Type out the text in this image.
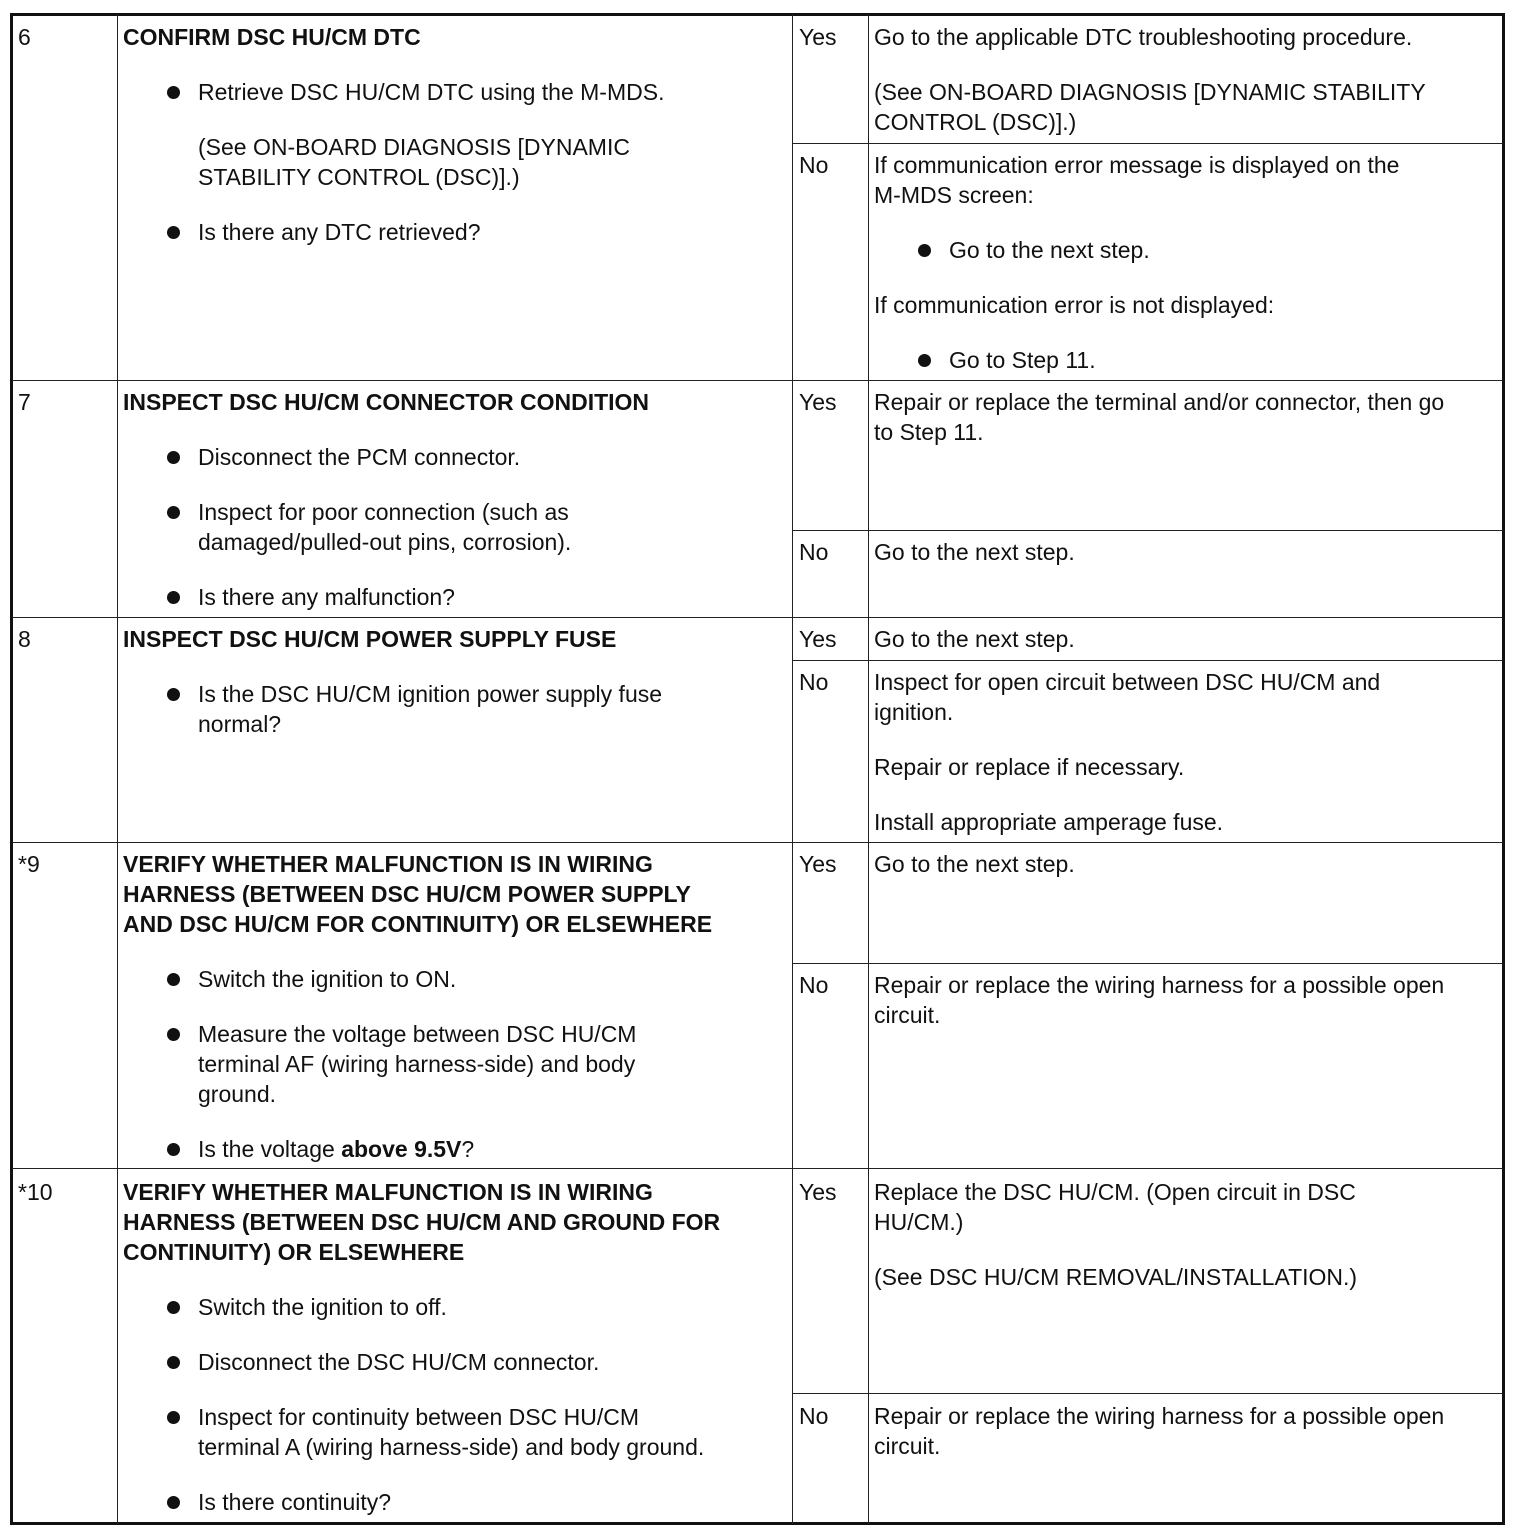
6	CONFIRM DSC HU/CM DTC
Retrieve DSC HU/CM DTC using the M-MDS.
(See ON-BOARD DIAGNOSIS [DYNAMIC
STABILITY CONTROL (DSC)].)
Is there any DTC retrieved?
Yes Go to the applicable DTC troubleshooting procedure.
(See ON-BOARD DIAGNOSIS [DYNAMIC STABILITY
CONTROL (DSC)].)
No If communication error message is displayed on the
M-MDS screen:
Go to the next step.
If communication error is not displayed:
Go to Step 11.
7	INSPECT DSC HU/CM CONNECTOR CONDITION
Disconnect the PCM connector.
Inspect for poor connection (such as
damaged/pulled-out pins, corrosion).
Is there any malfunction?
Yes Repair or replace the terminal and/or connector, then go
to Step 11.
No Go to the next step.
8	INSPECT DSC HU/CM POWER SUPPLY FUSE
Is the DSC HU/CM ignition power supply fuse
normal?
Yes Go to the next step.
No Inspect for open circuit between DSC HU/CM and
ignition.
Repair or replace if necessary.
Install appropriate amperage fuse.
*9	VERIFY WHETHER MALFUNCTION IS IN WIRING
HARNESS (BETWEEN DSC HU/CM POWER SUPPLY
AND DSC HU/CM FOR CONTINUITY) OR ELSEWHERE
Switch the ignition to ON.
Measure the voltage between DSC HU/CM
terminal AF (wiring harness-side) and body
ground.
Is the voltage above 9.5V?
Yes Go to the next step.
No Repair or replace the wiring harness for a possible open
circuit.
*10	VERIFY WHETHER MALFUNCTION IS IN WIRING
HARNESS (BETWEEN DSC HU/CM AND GROUND FOR
CONTINUITY) OR ELSEWHERE
Switch the ignition to off.
Disconnect the DSC HU/CM connector.
Inspect for continuity between DSC HU/CM
terminal A (wiring harness-side) and body ground.
Is there continuity?
Yes Replace the DSC HU/CM. (Open circuit in DSC
HU/CM.)
(See DSC HU/CM REMOVAL/INSTALLATION.)
No Repair or replace the wiring harness for a possible open
circuit.
